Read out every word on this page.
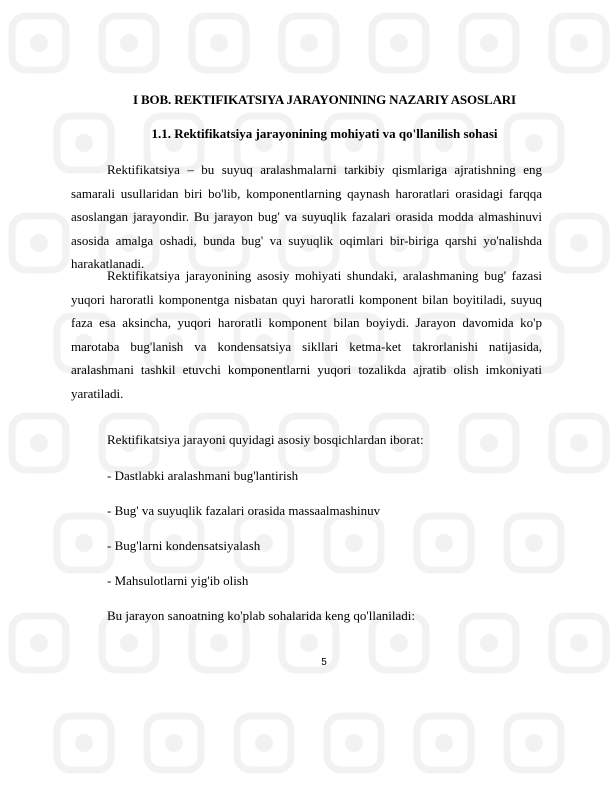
I BOB. REKTIFIKATSIYA JARAYONINING NAZARIY ASOSLARI
1.1. Rektifikatsiya jarayonining mohiyati va qo'llanilish sohasi

Rektifikatsiya – bu suyuq aralashmalarni tarkibiy qismlariga ajratishning eng samarali usullaridan biri bo'lib, komponentlarning qaynash haroratlari orasidagi farqqa asoslangan jarayondir. Bu jarayon bug' va suyuqlik fazalari orasida modda almashinuvi asosida amalga oshadi, bunda bug' va suyuqlik oqimlari bir-biriga qarshi yo'nalishda harakatlanadi.

Rektifikatsiya jarayonining asosiy mohiyati shundaki, aralashmaning bug' fazasi yuqori haroratli komponentga nisbatan quyi haroratli komponent bilan boyitiladi, suyuq faza esa aksincha, yuqori haroratli komponent bilan boyiydi. Jarayon davomida ko'p marotaba bug'lanish va kondensatsiya sikllari ketma-ket takrorlanishi natijasida, aralashmani tashkil etuvchi komponentlarni yuqori tozalikda ajratib olish imkoniyati yaratiladi.

Rektifikatsiya jarayoni quyidagi asosiy bosqichlardan iborat:
- Dastlabki aralashmani bug'lantirish
- Bug' va suyuqlik fazalari orasida massaalmashinuv
- Bug'larni kondensatsiyalash
- Mahsulotlarni yig'ib olish
Bu jarayon sanoatning ko'plab sohalarida keng qo'llaniladi:
5
